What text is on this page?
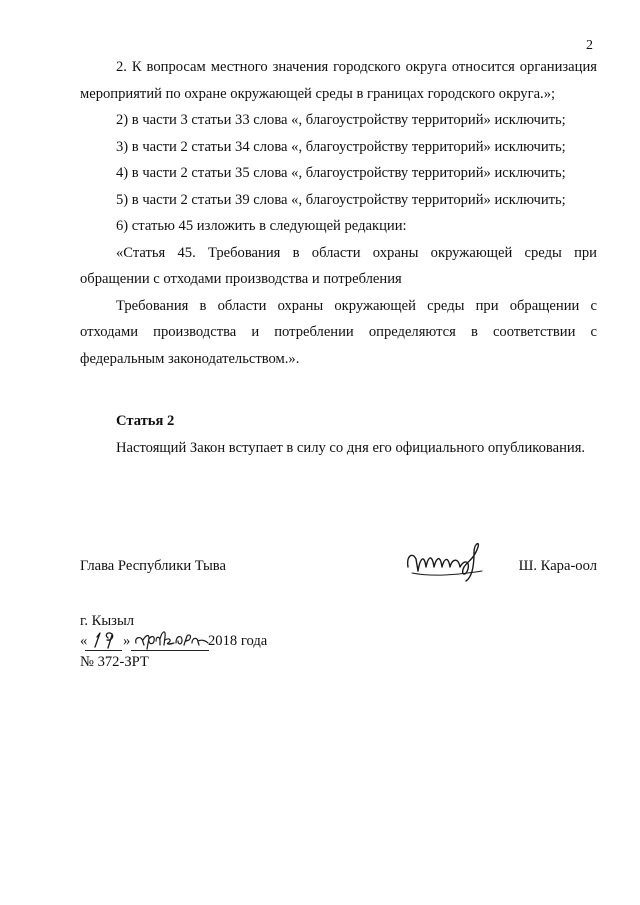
2

2. К вопросам местного значения городского округа относится организация мероприятий по охране окружающей среды в границах городского округа.»;

2) в части 3 статьи 33 слова «, благоустройству территорий» исключить;

3) в части 2 статьи 34 слова «, благоустройству территорий» исключить;

4) в части 2 статьи 35 слова «, благоустройству территорий» исключить;

5) в части 2 статьи 39 слова «, благоустройству территорий» исключить;

6) статью 45 изложить в следующей редакции:

«Статья 45. Требования в области охраны окружающей среды при обращении с отходами производства и потребления

Требования в области охраны окружающей среды при обращении с отходами производства и потреблении определяются в соответствии с федеральным законодательством.».

Статья 2

Настоящий Закон вступает в силу со дня его официального опубликования.

Глава Республики Тыва	Ш. Кара-оол
г. Кызыл
« »	2018 года
№ 372-ЗРТ
